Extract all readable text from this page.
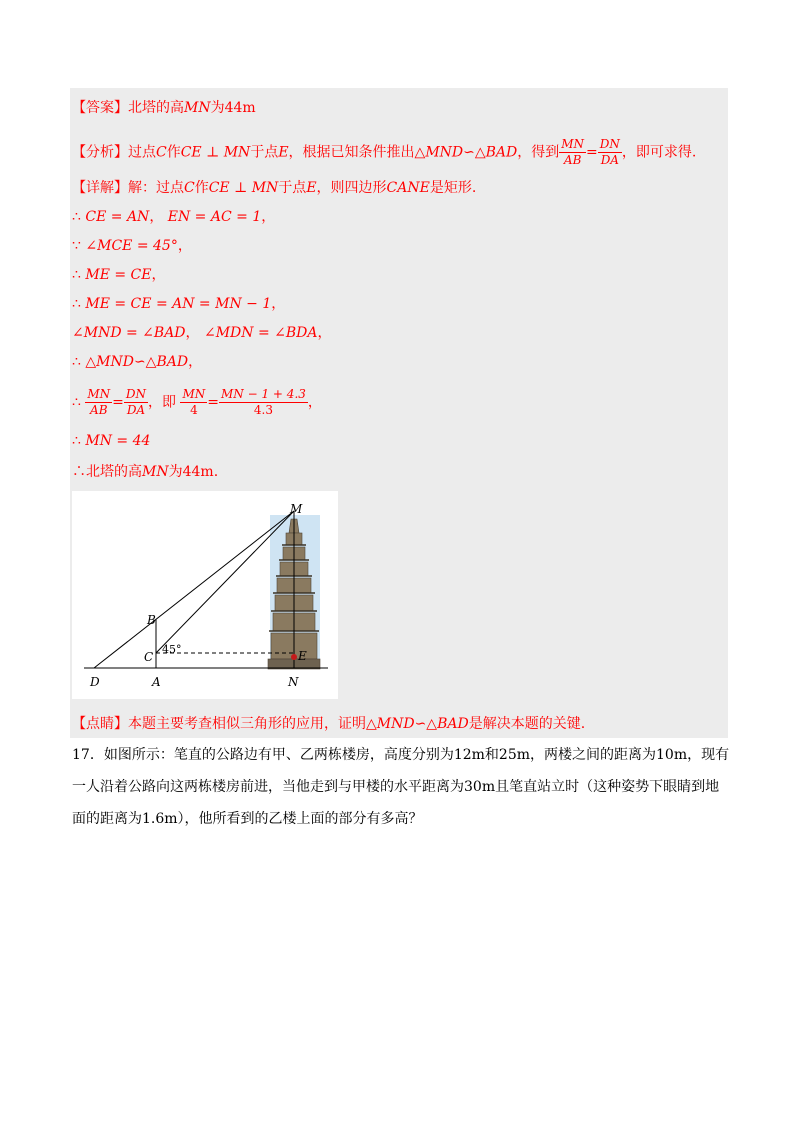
【答案】北塔的高MN为44m
【分析】过点C作CE ⊥ MN于点E，根据已知条件推出△MND∽△BAD，得到 $\frac{MN}{AB} = \frac{DN}{DA}$ ，即可求得.
【详解】解：过点C作CE ⊥ MN于点E，则四边形CANE是矩形.
∴ CE = AN， EN = AC = 1，
∵ ∠MCE = 45°，
∴ ME = CE，
∴ ME = CE = AN = MN − 1，
∠MND = ∠BAD， ∠MDN = ∠BDA，
∴ △MND∽△BAD，
∴ $\frac{MN}{AB} = \frac{DN}{DA}$ ，即 $\frac{MN}{4} = \frac{MN - 1 + 4.3}{4.3}$ ，
∴ MN = 44
∴北塔的高MN为44m.
M
B
C
45°	E
D	A	N
【点睛】本题主要考查相似三角形的应用，证明△MND∽△BAD是解决本题的关键.
17．如图所示：笔直的公路边有甲、乙两栋楼房，高度分别为12m和25m，两楼之间的距离为10m，现有
一人沿着公路向这两栋楼房前进，当他走到与甲楼的水平距离为30m且笔直站立时（这种姿势下眼睛到地
面的距离为1.6m），他所看到的乙楼上面的部分有多高？
